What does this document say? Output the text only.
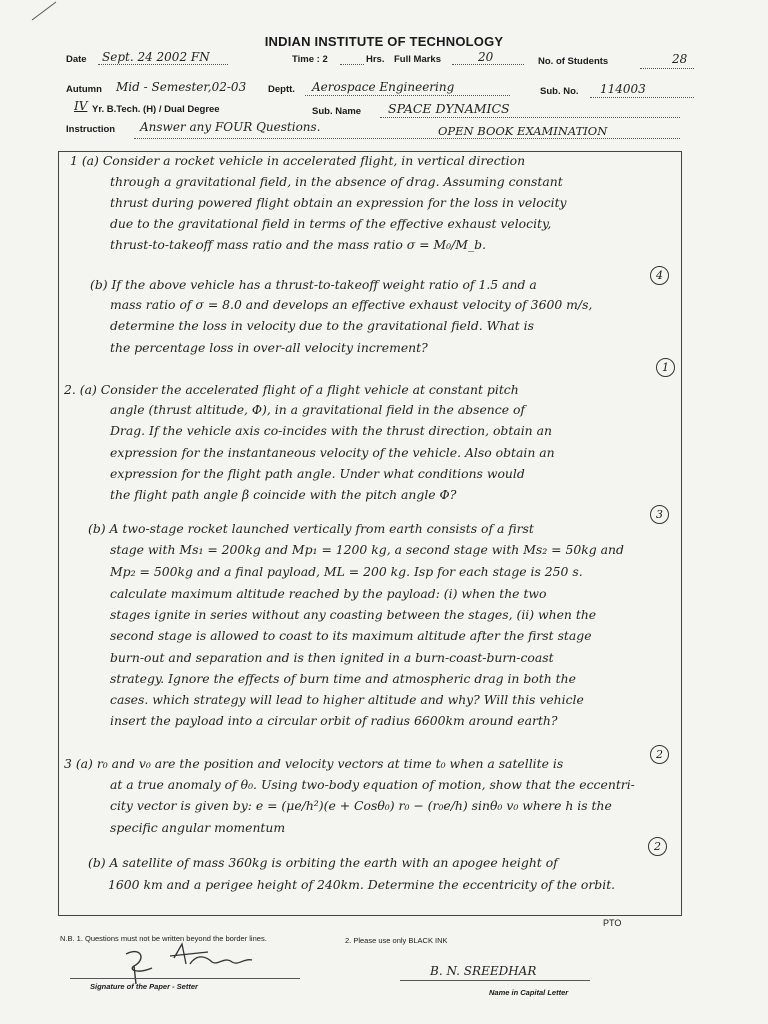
INDIAN INSTITUTE OF TECHNOLOGY
Date Sept. 24 2002 FN	Time : 2	Hrs. Full Marks	20	No. of Students	28
Autumn Mid - Semester,02-03 Deptt. Aerospace Engineering	Sub. No. 114003
IV Yr. B.Tech. (H) / Dual Degree	Sub. Name SPACE DYNAMICS
Instruction Answer any FOUR Questions.	OPEN BOOK EXAMINATION
1 (a) Consider a rocket vehicle in accelerated flight, in vertical direction
through a gravitational field, in the absence of drag. Assuming constant
thrust during powered flight obtain an expression for the loss in velocity
due to the gravitational field in terms of the effective exhaust velocity,
thrust-to-takeoff mass ratio and the mass ratio σ = M₀/M_b.
(b) If the above vehicle has a thrust-to-takeoff weight ratio of 1.5 and a
mass ratio of σ = 8.0 and develops an effective exhaust velocity of 3600 m/s,
determine the loss in velocity due to the gravitational field. What is
the percentage loss in over-all velocity increment?
2. (a) Consider the accelerated flight of a flight vehicle at constant pitch
angle (thrust altitude, Φ), in a gravitational field in the absence of
Drag. If the vehicle axis co-incides with the thrust direction, obtain an
expression for the instantaneous velocity of the vehicle. Also obtain an
expression for the flight path angle. Under what conditions would
the flight path angle β coincide with the pitch angle Φ?
(b) A two-stage rocket launched vertically from earth consists of a first
stage with Ms₁ = 200kg and Mp₁ = 1200 kg, a second stage with Ms₂ = 50kg and
Mp₂ = 500kg and a final payload, ML = 200 kg. Isp for each stage is 250 s.
calculate maximum altitude reached by the payload: (i) when the two
stages ignite in series without any coasting between the stages, (ii) when the
second stage is allowed to coast to its maximum altitude after the first stage
burn-out and separation and is then ignited in a burn-coast-burn-coast
strategy. Ignore the effects of burn time and atmospheric drag in both the
cases. which strategy will lead to higher altitude and why? Will this vehicle
insert the payload into a circular orbit of radius 6600km around earth?
3 (a) r₀ and v₀ are the position and velocity vectors at time t₀ when a satellite is
at a true anomaly of θ₀. Using two-body equation of motion, show that the eccentri-
city vector is given by: e = (μe/h²)(e + Cosθ₀) r₀ − (r₀e/h) sinθ₀ v₀ where h is the
specific angular momentum
(b) A satellite of mass 360kg is orbiting the earth with an apogee height of
1600 km and a perigee height of 240km. Determine the eccentricity of the orbit.
4
1
3
2
2
PTO
N.B. 1. Questions must not be written beyond the border lines.	2. Please use only BLACK INK
Signature of the Paper - Setter
B. N. SREEDHAR
Name in Capital Letter
